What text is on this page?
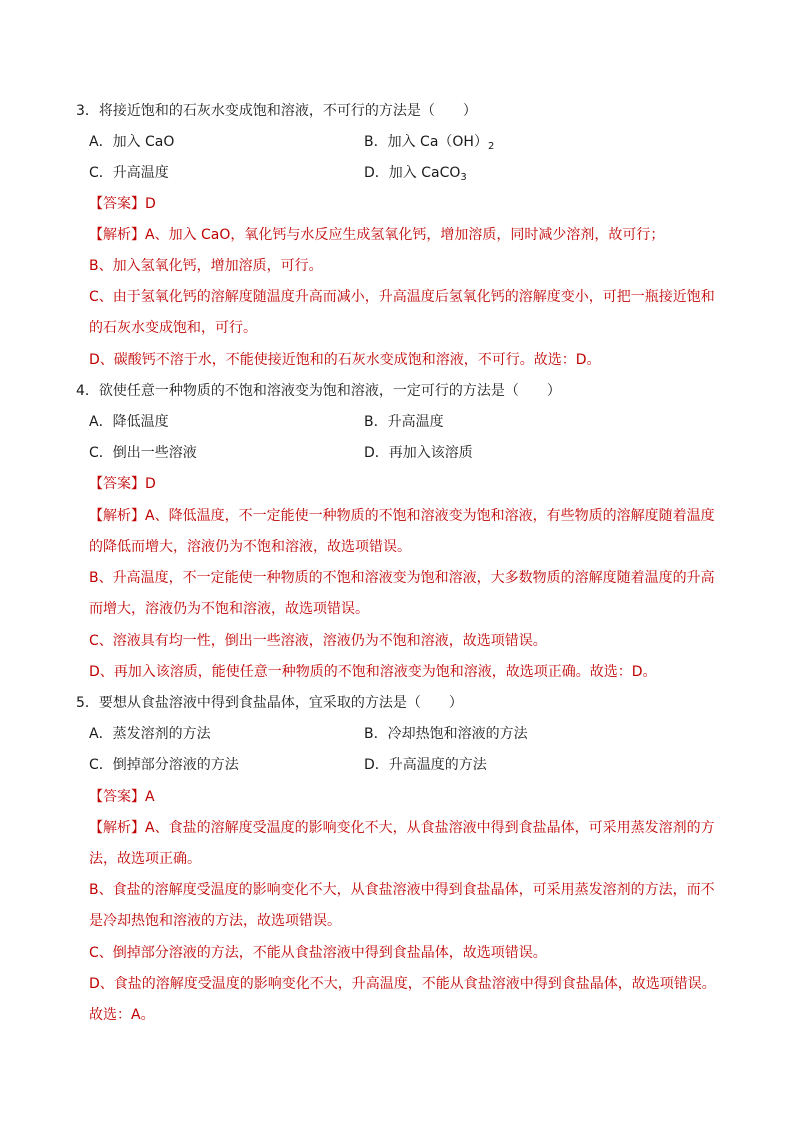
3．将接近饱和的石灰水变成饱和溶液，不可行的方法是（　　）
A．加入 CaO	B．加入 $Ca(OH)_2$
C．升高温度	D．加入 CaCO$_3$
【答案】D
【解析】A、加入 CaO，氧化钙与水反应生成氢氧化钙，增加溶质，同时减少溶剂，故可行；
B、加入氢氧化钙，增加溶质，可行。
C、由于氢氧化钙的溶解度随温度升高而减小，升高温度后氢氧化钙的溶解度变小，可把一瓶接近饱和
的石灰水变成饱和，可行。
D、碳酸钙不溶于水，不能使接近饱和的石灰水变成饱和溶液，不可行。故选：D。
4．欲使任意一种物质的不饱和溶液变为饱和溶液，一定可行的方法是（　　）
A．降低温度	B．升高温度
C．倒出一些溶液	D．再加入该溶质
【答案】D
【解析】A、降低温度，不一定能使一种物质的不饱和溶液变为饱和溶液，有些物质的溶解度随着温度
的降低而增大，溶液仍为不饱和溶液，故选项错误。
B、升高温度，不一定能使一种物质的不饱和溶液变为饱和溶液，大多数物质的溶解度随着温度的升高
而增大，溶液仍为不饱和溶液，故选项错误。
C、溶液具有均一性，倒出一些溶液，溶液仍为不饱和溶液，故选项错误。
D、再加入该溶质，能使任意一种物质的不饱和溶液变为饱和溶液，故选项正确。故选：D。
5．要想从食盐溶液中得到食盐晶体，宜采取的方法是（　　）
A．蒸发溶剂的方法	B．冷却热饱和溶液的方法
C．倒掉部分溶液的方法	D．升高温度的方法
【答案】A
【解析】A、食盐的溶解度受温度的影响变化不大，从食盐溶液中得到食盐晶体，可采用蒸发溶剂的方
法，故选项正确。
B、食盐的溶解度受温度的影响变化不大，从食盐溶液中得到食盐晶体，可采用蒸发溶剂的方法，而不
是冷却热饱和溶液的方法，故选项错误。
C、倒掉部分溶液的方法，不能从食盐溶液中得到食盐晶体，故选项错误。
D、食盐的溶解度受温度的影响变化不大，升高温度，不能从食盐溶液中得到食盐晶体，故选项错误。
故选：A。
